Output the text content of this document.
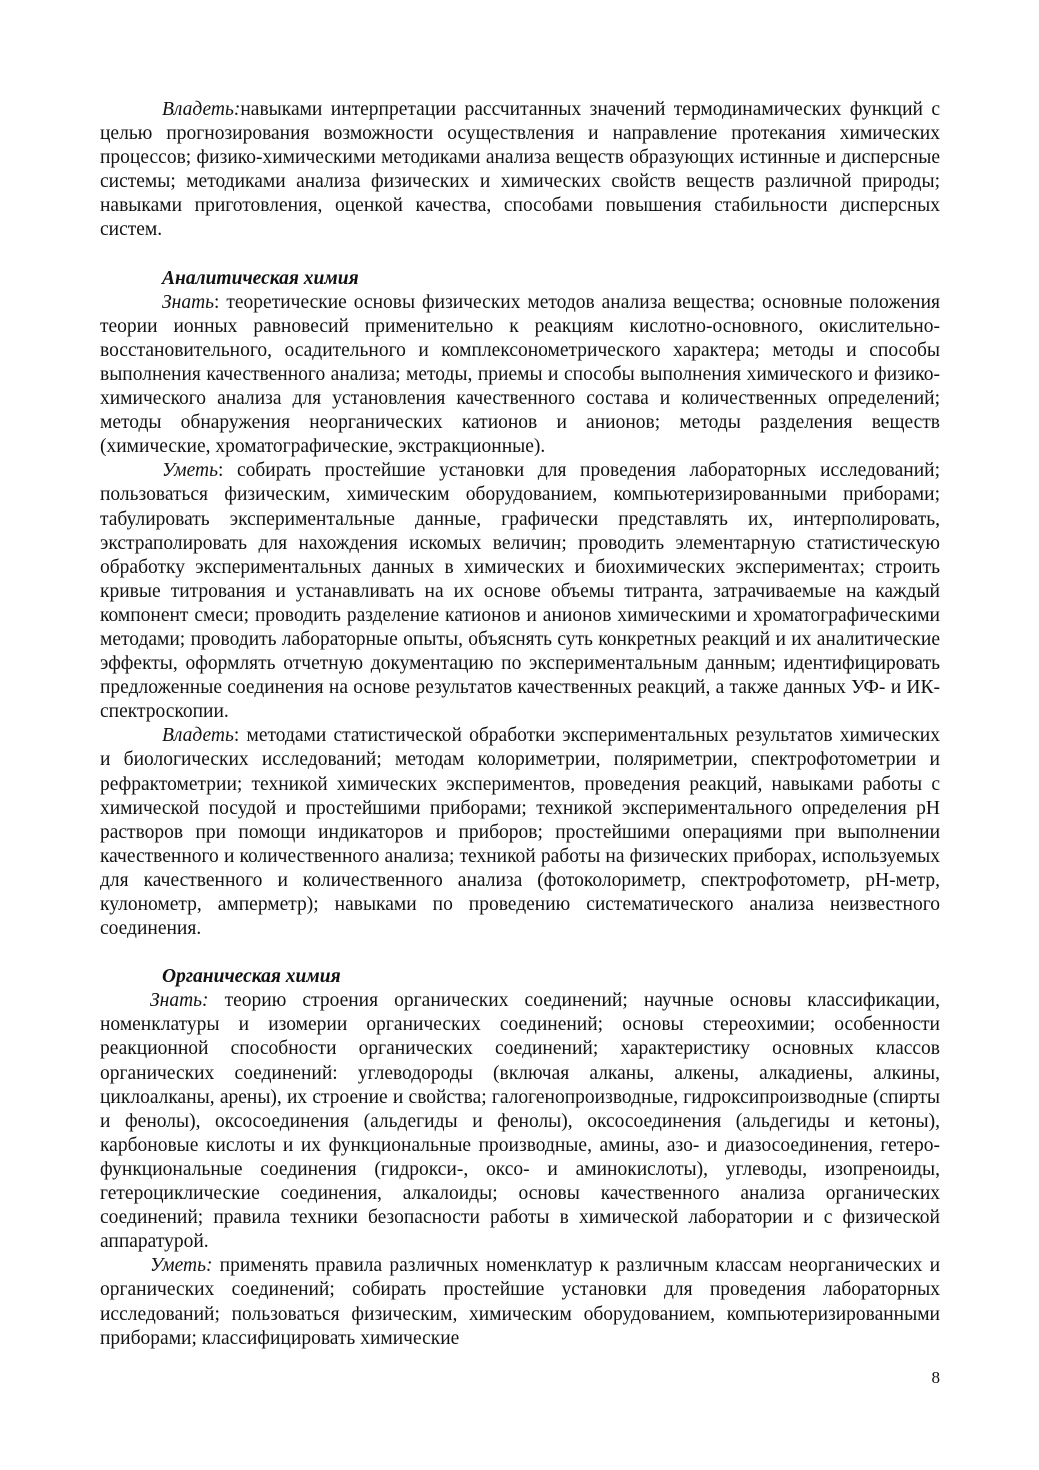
Владеть:навыками интерпретации рассчитанных значений термодинамических функций с целью прогнозирования возможности осуществления и направление протекания химических процессов; физико-химическими методиками анализа веществ образующих истинные и дисперсные системы; методиками анализа физических и химических свойств веществ различной природы; навыками приготовления, оценкой качества, способами повышения стабильности дисперсных систем.

Аналитическая химия

Знать: теоретические основы физических методов анализа вещества; основные положения теории ионных равновесий применительно к реакциям кислотно-основного, окислительно-восстановительного, осадительного и комплексонометрического характера; методы и способы выполнения качественного анализа; методы, приемы и способы выполнения химического и физико-химического анализа для установления качественного состава и количественных определений; методы обнаружения неорганических катионов и анионов; методы разделения веществ (химические, хроматографические, экстракционные).

Уметь: собирать простейшие установки для проведения лабораторных исследований; пользоваться физическим, химическим оборудованием, компьютеризированными приборами; табулировать экспериментальные данные, графически представлять их, интерполировать, экстраполировать для нахождения искомых величин; проводить элементарную статистическую обработку экспериментальных данных в химических и биохимических экспериментах; строить кривые титрования и устанавливать на их основе объемы титранта, затрачиваемые на каждый компонент смеси; проводить разделение катионов и анионов химическими и хроматографическими методами; проводить лабораторные опыты, объяснять суть конкретных реакций и их аналитические эффекты, оформлять отчетную документацию по экспериментальным данным; идентифицировать предложенные соединения на основе результатов качественных реакций, а также данных УФ- и ИК-спектроскопии.

Владеть: методами статистической обработки экспериментальных результатов химических и биологических исследований; методам колориметрии, поляриметрии, спектрофотометрии и рефрактометрии; техникой химических экспериментов, проведения реакций, навыками работы с химической посудой и простейшими приборами; техникой экспериментального определения рН растворов при помощи индикаторов и приборов; простейшими операциями при выполнении качественного и количественного анализа; техникой работы на физических приборах, используемых для качественного и количественного анализа (фотоколориметр, спектрофотометр, рН-метр, кулонометр, амперметр); навыками по проведению систематического анализа неизвестного соединения.

Органическая химия

Знать: теорию строения органических соединений; научные основы классификации, номенклатуры и изомерии органических соединений; основы стереохимии; особенности реакционной способности органических соединений; характеристику основных классов органических соединений: углеводороды (включая алканы, алкены, алкадиены, алкины, циклоалканы, арены), их строение и свойства; галогенопроизводные, гидроксипроизводные (спирты и фенолы), оксосоединения (альдегиды и фенолы), оксосоединения (альдегиды и кетоны), карбоновые кислоты и их функциональные производные, амины, азо- и диазосоединения, гетеро-функциональные соединения (гидрокси-, оксо- и аминокислоты), углеводы, изопреноиды, гетероциклические соединения, алкалоиды; основы качественного анализа органических соединений; правила техники безопасности работы в химической лаборатории и с физической аппаратурой.

Уметь: применять правила различных номенклатур к различным классам неорганических и органических соединений; собирать простейшие установки для проведения лабораторных исследований; пользоваться физическим, химическим оборудованием, компьютеризированными приборами; классифицировать химические

8
